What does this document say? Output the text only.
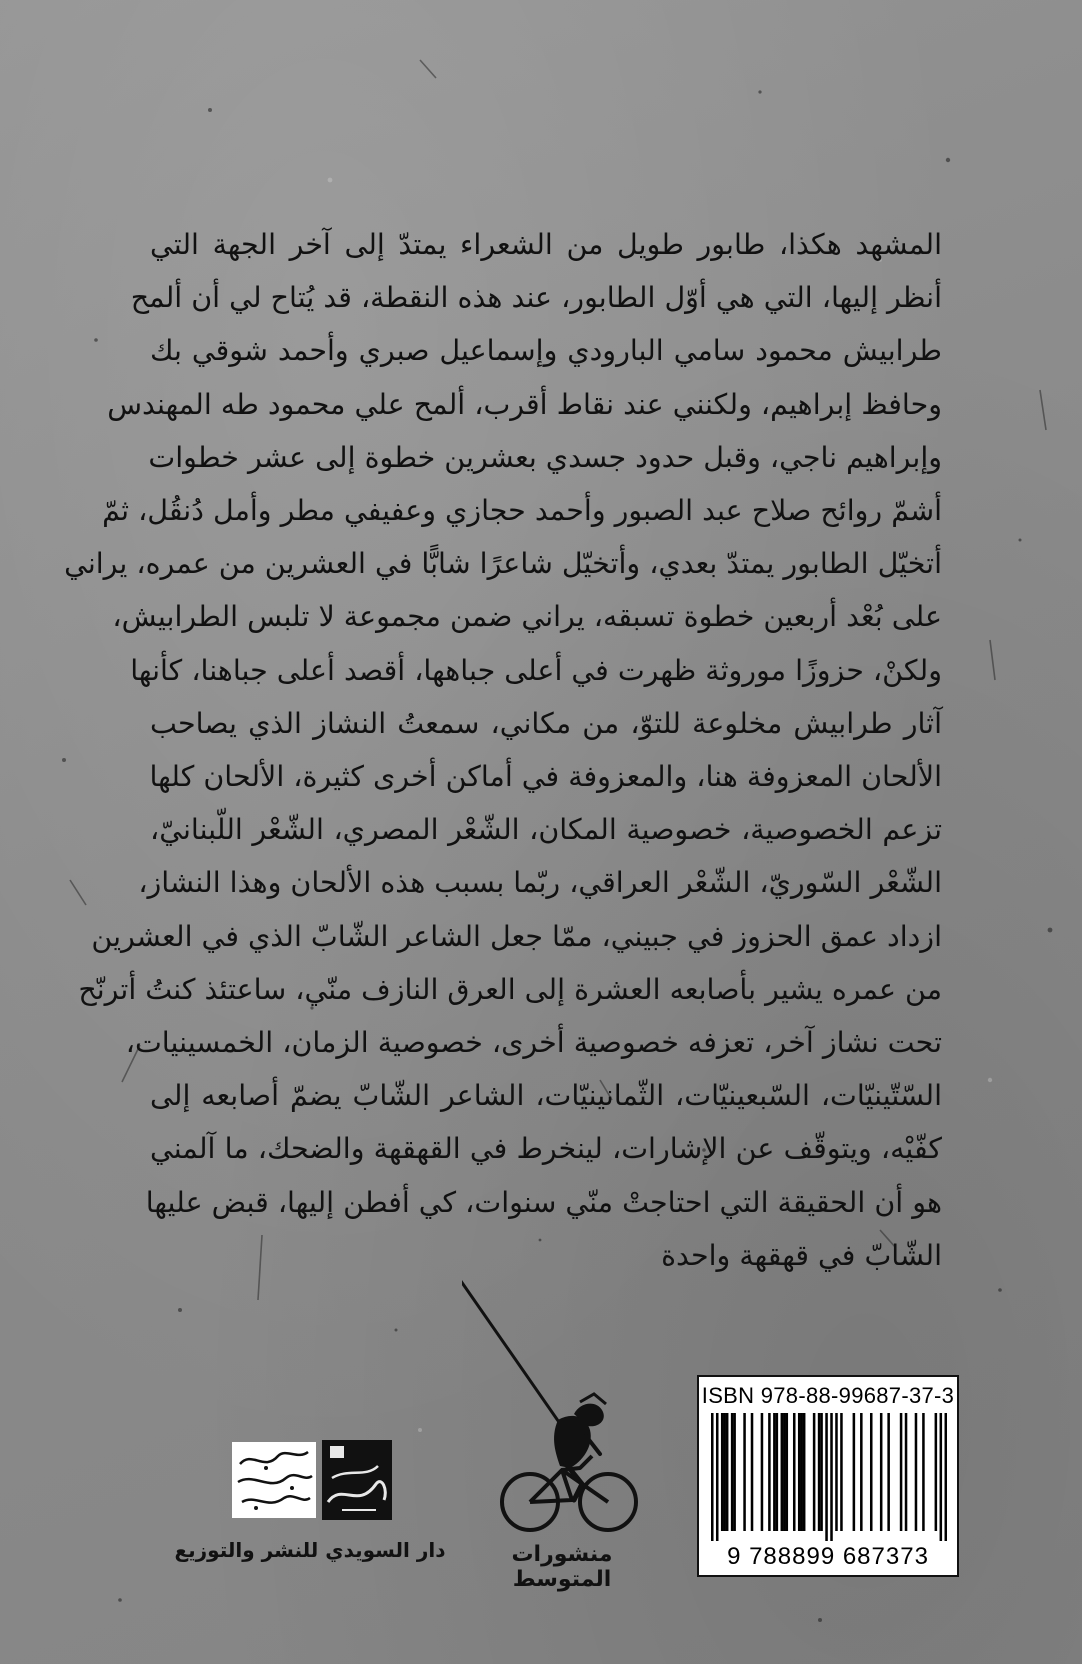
المشهد هكذا، طابور طويل من الشعراء يمتدّ إلى آخر الجهة التي
أنظر إليها، التي هي أوّل الطابور، عند هذه النقطة، قد يُتاح لي أن ألمح
طرابيش محمود سامي البارودي وإسماعيل صبري وأحمد شوقي بك
وحافظ إبراهيم، ولكنني عند نقاط أقرب، ألمح علي محمود طه المهندس
وإبراهيم ناجي، وقبل حدود جسدي بعشرين خطوة إلى عشر خطوات
أشمّ روائح صلاح عبد الصبور وأحمد حجازي وعفيفي مطر وأمل دُنقُل، ثمّ
أتخيّل الطابور يمتدّ بعدي، وأتخيّل شاعرًا شابًّا في العشرين من عمره، يراني
على بُعْد أربعين خطوة تسبقه، يراني ضمن مجموعة لا تلبس الطرابيش،
ولكنْ، حزوزًا موروثة ظهرت في أعلى جباهها، أقصد أعلى جباهنا، كأنها
آثار طرابيش مخلوعة للتوّ، من مكاني، سمعتُ النشاز الذي يصاحب
الألحان المعزوفة هنا، والمعزوفة في أماكن أخرى كثيرة، الألحان كلها
تزعم الخصوصية، خصوصية المكان، الشّعْر المصري، الشّعْر اللّبنانيّ،
الشّعْر السّوريّ، الشّعْر العراقي، ربّما بسبب هذه الألحان وهذا النشاز،
ازداد عمق الحزوز في جبيني، ممّا جعل الشاعر الشّابّ الذي في العشرين
من عمره يشير بأصابعه العشرة إلى العرق النازف منّي، ساعتئذ كنتُ أترنّح
تحت نشاز آخر، تعزفه خصوصية أخرى، خصوصية الزمان، الخمسينيات،
السّتّينيّات، السّبعينيّات، الثّمانينيّات، الشاعر الشّابّ يضمّ أصابعه إلى
كفّيْه، ويتوقّف عن الإشارات، لينخرط في القهقهة والضحك، ما آلمني
هو أن الحقيقة التي احتاجتْ منّي سنوات، كي أفطن إليها، قبض عليها
الشّابّ في قهقهة واحدة
منشورات المتوسط
دار السويدي للنشر والتوزيع
ISBN 978-88-99687-37-3
9 788899 687373
